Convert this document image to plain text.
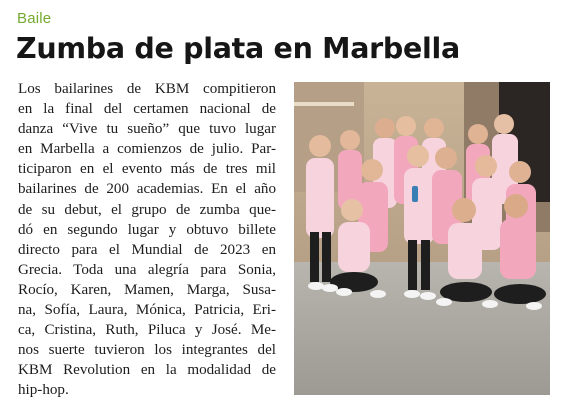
Baile
Zumba de plata en Marbella
Los bailarines de KBM compitieron
en la final del certamen nacional de
danza “Vive tu sueño” que tuvo lugar
en Marbella a comienzos de julio. Par-
ticiparon en el evento más de tres mil
bailarines de 200 academias. En el año
de su debut, el grupo de zumba que-
dó en segundo lugar y obtuvo billete
directo para el Mundial de 2023 en
Grecia. Toda una alegría para Sonia,
Rocío, Karen, Mamen, Marga, Susa-
na, Sofía, Laura, Mónica, Patricia, Eri-
ca, Cristina, Ruth, Piluca y José. Me-
nos suerte tuvieron los integrantes del
KBM Revolution en la modalidad de
hip-hop.
